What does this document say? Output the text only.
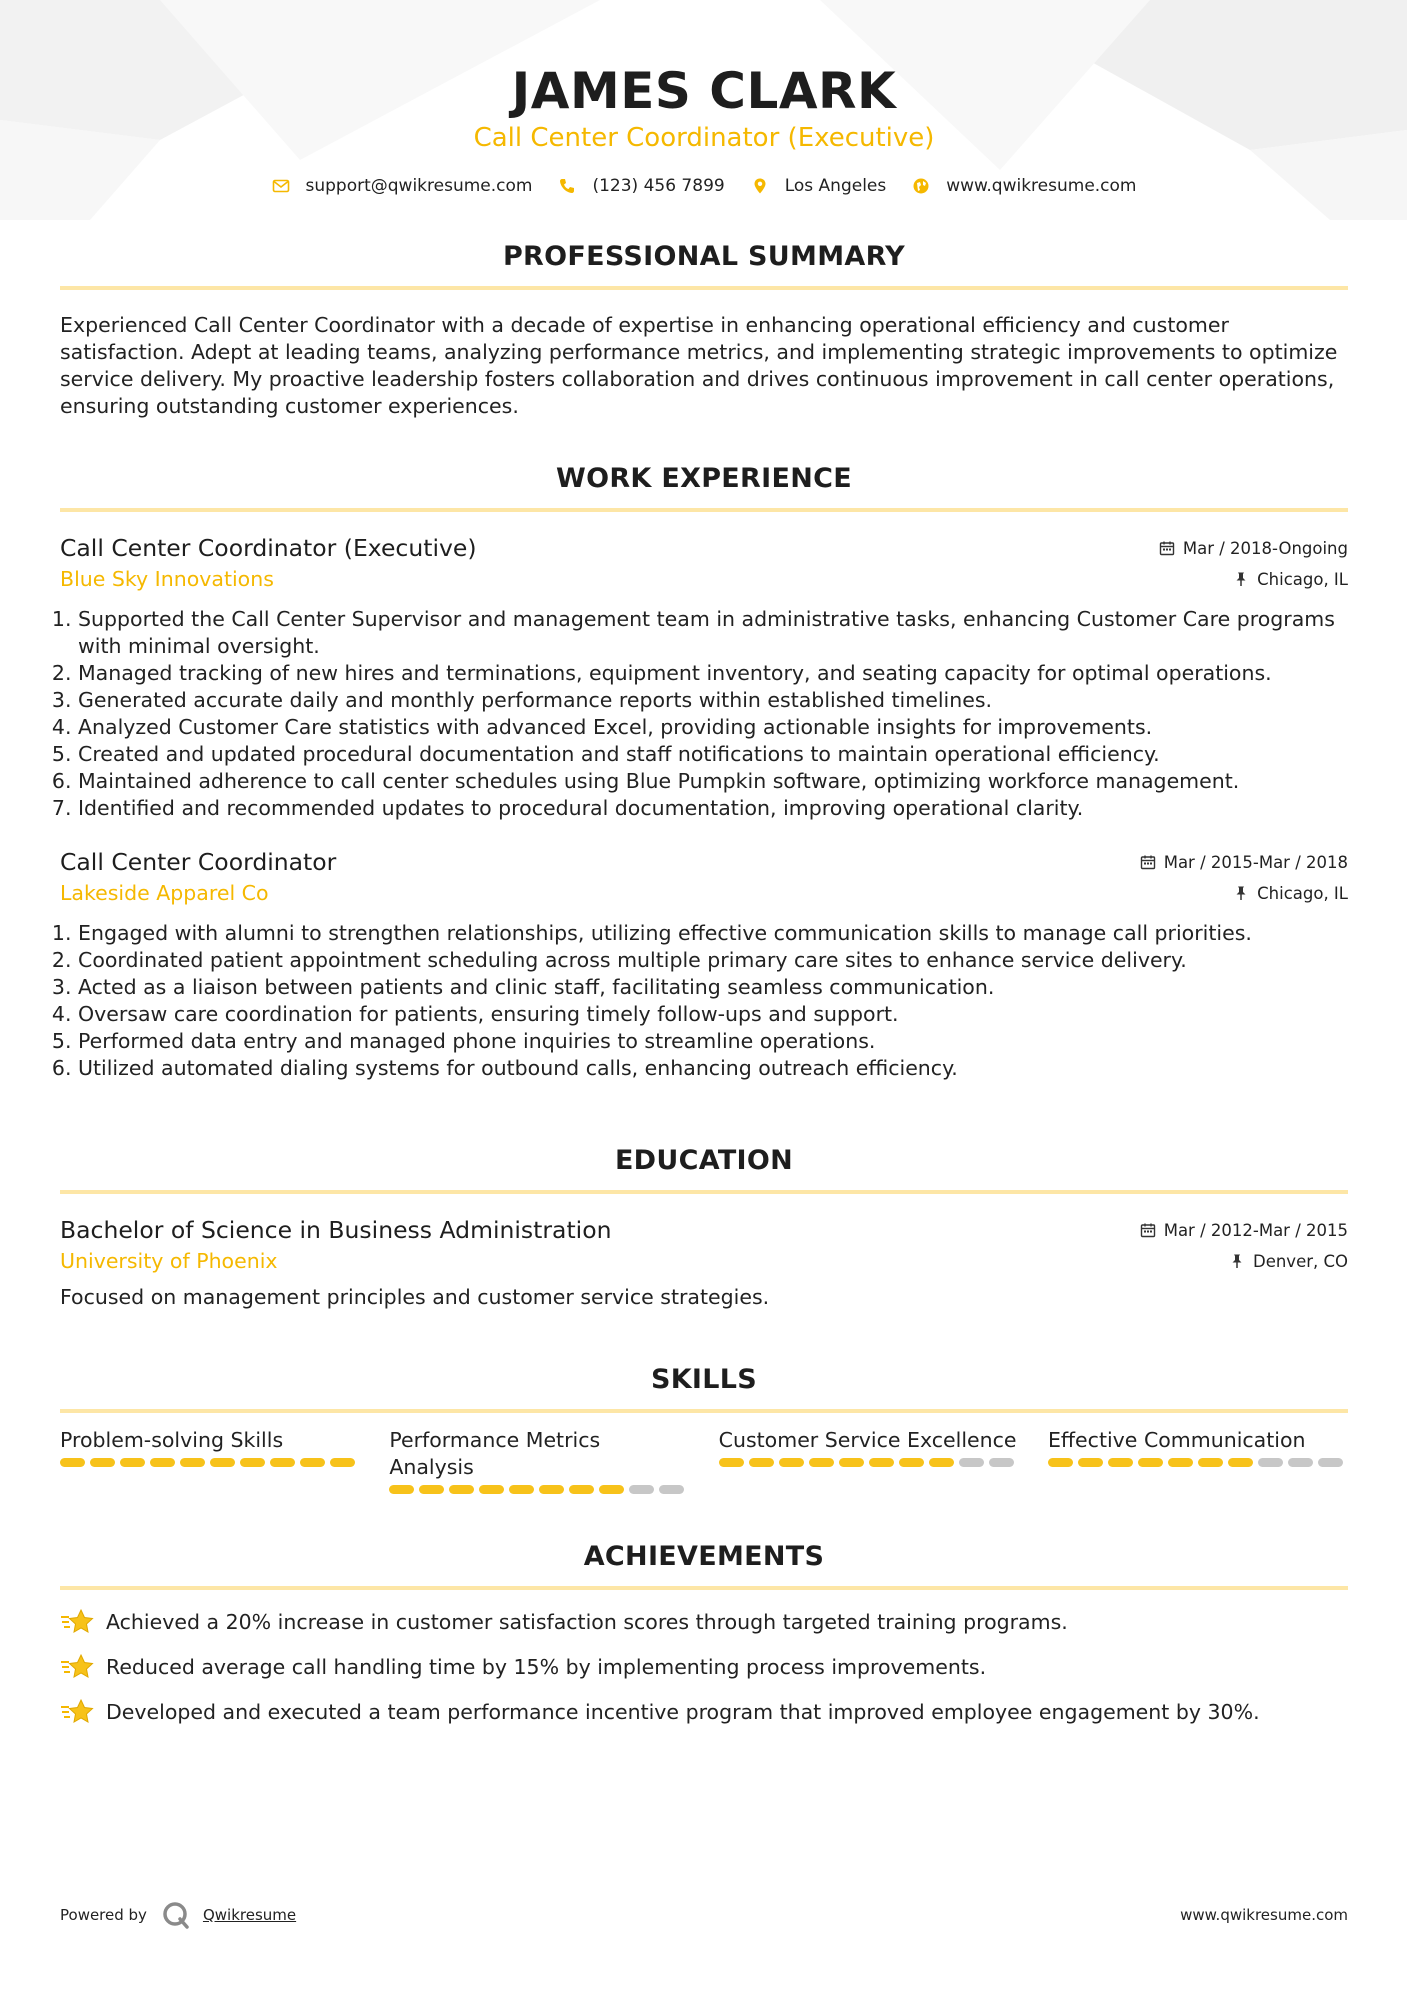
JAMES CLARK
Call Center Coordinator (Executive)
support@qwikresume.com	(123) 456 7899	Los Angeles	www.qwikresume.com
PROFESSIONAL SUMMARY
Experienced Call Center Coordinator with a decade of expertise in enhancing operational efficiency and customer satisfaction. Adept at leading teams, analyzing performance metrics, and implementing strategic improvements to optimize service delivery. My proactive leadership fosters collaboration and drives continuous improvement in call center operations, ensuring outstanding customer experiences.
WORK EXPERIENCE
Call Center Coordinator (Executive)	Mar / 2018-Ongoing
Blue Sky Innovations	Chicago, IL
1. Supported the Call Center Supervisor and management team in administrative tasks, enhancing Customer Care programs with minimal oversight.
2. Managed tracking of new hires and terminations, equipment inventory, and seating capacity for optimal operations.
3. Generated accurate daily and monthly performance reports within established timelines.
4. Analyzed Customer Care statistics with advanced Excel, providing actionable insights for improvements.
5. Created and updated procedural documentation and staff notifications to maintain operational efficiency.
6. Maintained adherence to call center schedules using Blue Pumpkin software, optimizing workforce management.
7. Identified and recommended updates to procedural documentation, improving operational clarity.
Call Center Coordinator	Mar / 2015-Mar / 2018
Lakeside Apparel Co	Chicago, IL
1. Engaged with alumni to strengthen relationships, utilizing effective communication skills to manage call priorities.
2. Coordinated patient appointment scheduling across multiple primary care sites to enhance service delivery.
3. Acted as a liaison between patients and clinic staff, facilitating seamless communication.
4. Oversaw care coordination for patients, ensuring timely follow-ups and support.
5. Performed data entry and managed phone inquiries to streamline operations.
6. Utilized automated dialing systems for outbound calls, enhancing outreach efficiency.
EDUCATION
Bachelor of Science in Business Administration	Mar / 2012-Mar / 2015
University of Phoenix	Denver, CO
Focused on management principles and customer service strategies.
SKILLS
Problem-solving Skills	Performance Metrics Analysis
Customer Service Excellence Effective Communication
ACHIEVEMENTS
Achieved a 20% increase in customer satisfaction scores through targeted training programs.
Reduced average call handling time by 15% by implementing process improvements.
Developed and executed a team performance incentive program that improved employee engagement by 30%.
Powered by	Qwikresume	www.qwikresume.com
